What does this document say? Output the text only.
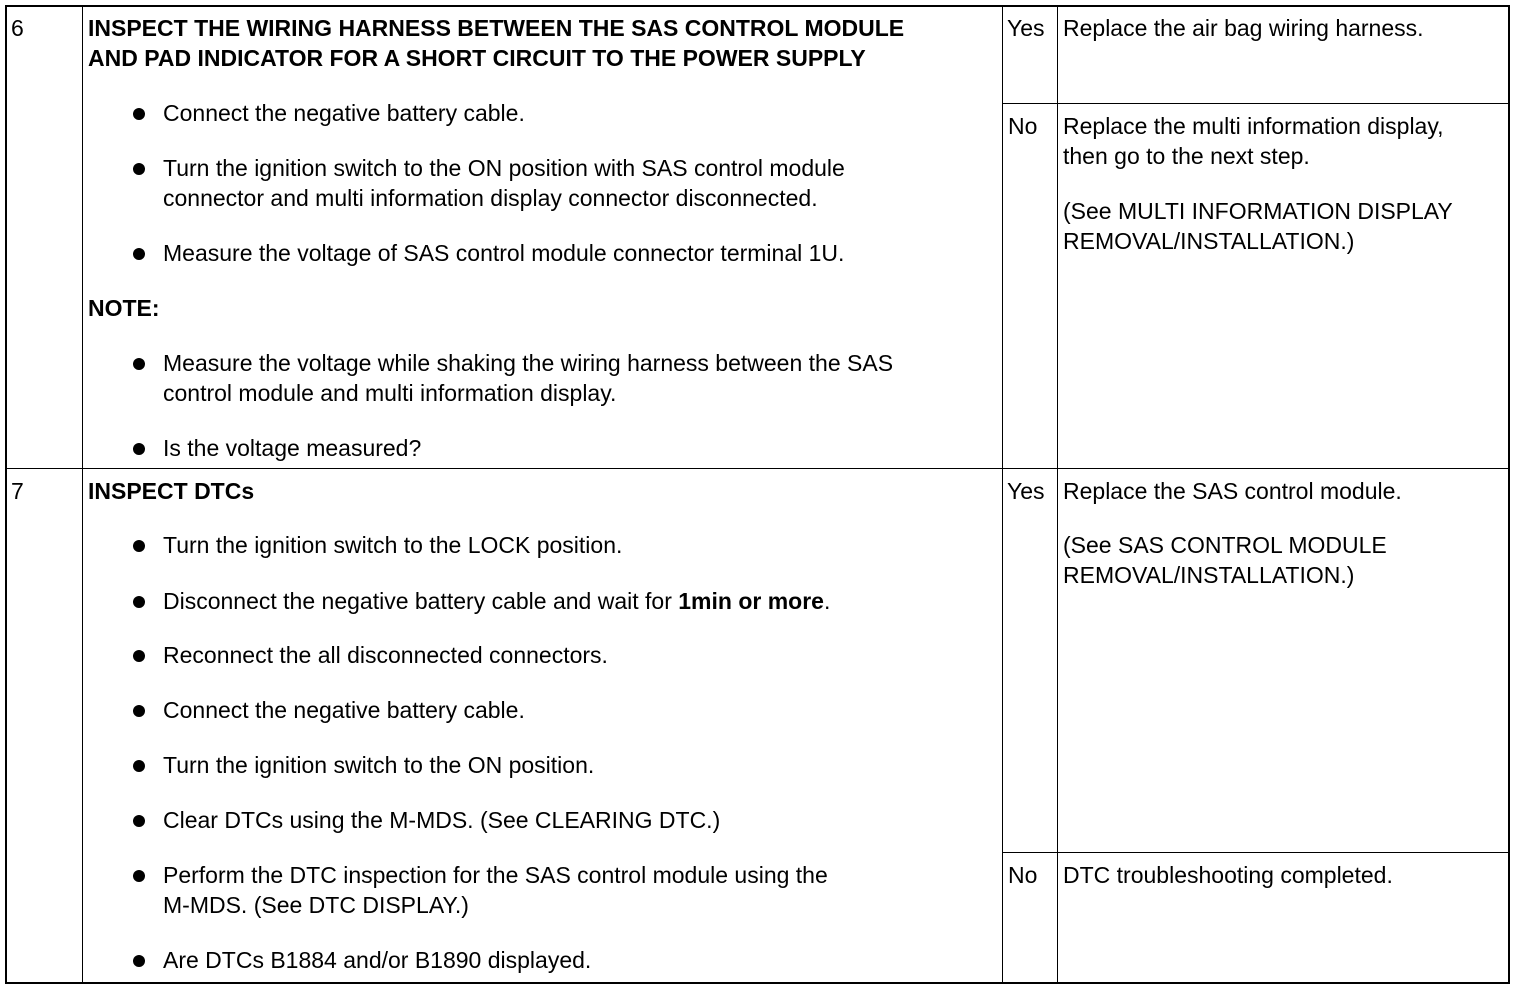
6	INSPECT THE WIRING HARNESS BETWEEN THE SAS CONTROL MODULE
AND PAD INDICATOR FOR A SHORT CIRCUIT TO THE POWER SUPPLY
Connect the negative battery cable.
Turn the ignition switch to the ON position with SAS control module
connector and multi information display connector disconnected.
Measure the voltage of SAS control module connector terminal 1U.
NOTE:
Measure the voltage while shaking the wiring harness between the SAS
control module and multi information display.
Is the voltage measured?
Yes Replace the air bag wiring harness.
No Replace the multi information display,
then go to the next step.
(See MULTI INFORMATION DISPLAY
REMOVAL/INSTALLATION.)
7	INSPECT DTCs
Turn the ignition switch to the LOCK position.
Disconnect the negative battery cable and wait for 1min or more.
Reconnect the all disconnected connectors.
Connect the negative battery cable.
Turn the ignition switch to the ON position.
Clear DTCs using the M-MDS. (See CLEARING DTC.)
Perform the DTC inspection for the SAS control module using the
M-MDS. (See DTC DISPLAY.)
Are DTCs B1884 and/or B1890 displayed.
Yes Replace the SAS control module.
(See SAS CONTROL MODULE
REMOVAL/INSTALLATION.)
No DTC troubleshooting completed.
